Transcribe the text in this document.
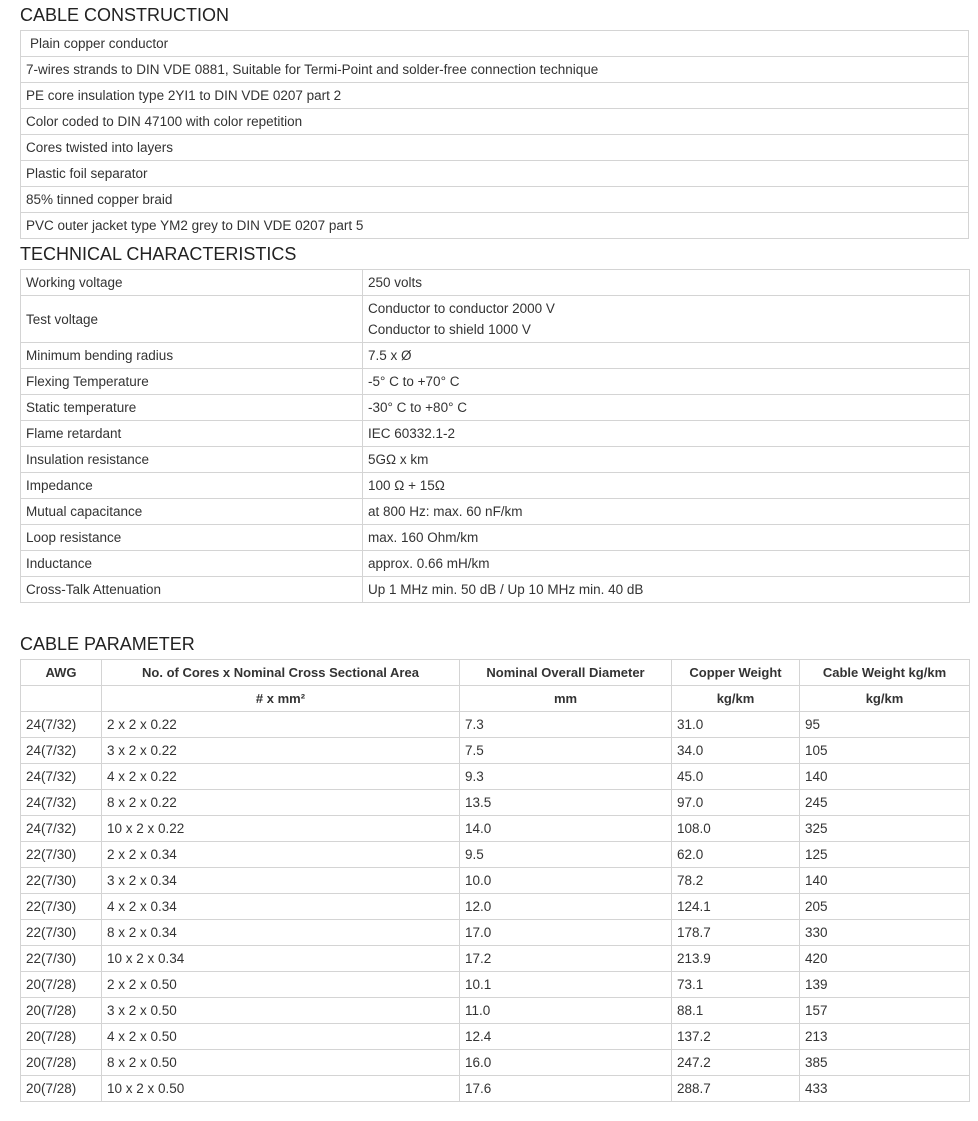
CABLE CONSTRUCTION
Plain copper conductor
7-wires strands to DIN VDE 0881, Suitable for Termi-Point and solder-free connection technique
PE core insulation type 2YI1 to DIN VDE 0207 part 2
Color coded to DIN 47100 with color repetition
Cores twisted into layers
Plastic foil separator
85% tinned copper braid
PVC outer jacket type YM2 grey to DIN VDE 0207 part 5
TECHNICAL CHARACTERISTICS
Working voltage	250 volts
Test voltage	Conductor to conductor 2000 V
Conductor to shield 1000 V

Minimum bending radius	7.5 x Ø
Flexing Temperature	-5° C to +70° C
Static temperature	-30° C to +80° C
Flame retardant	IEC 60332.1-2
Insulation resistance	5GΩ x km
Impedance	100 Ω + 15Ω
Mutual capacitance	at 800 Hz: max. 60 nF/km
Loop resistance	max. 160 Ohm/km
Inductance	approx. 0.66 mH/km
Cross-Talk Attenuation	Up 1 MHz min. 50 dB / Up 10 MHz min. 40 dB
CABLE PARAMETER
AWG	No. of Cores x Nominal Cross Sectional Area	Nominal Overall Diameter	Copper Weight	Cable Weight kg/km
	# x mm²	mm	kg/km	kg/km
24(7/32)	2 x 2 x 0.22	7.3	31.0	95
24(7/32)	3 x 2 x 0.22	7.5	34.0	105
24(7/32)	4 x 2 x 0.22	9.3	45.0	140
24(7/32)	8 x 2 x 0.22	13.5	97.0	245
24(7/32)	10 x 2 x 0.22	14.0	108.0	325
22(7/30)	2 x 2 x 0.34	9.5	62.0	125
22(7/30)	3 x 2 x 0.34	10.0	78.2	140
22(7/30)	4 x 2 x 0.34	12.0	124.1	205
22(7/30)	8 x 2 x 0.34	17.0	178.7	330
22(7/30)	10 x 2 x 0.34	17.2	213.9	420
20(7/28)	2 x 2 x 0.50	10.1	73.1	139
20(7/28)	3 x 2 x 0.50	11.0	88.1	157
20(7/28)	4 x 2 x 0.50	12.4	137.2	213
20(7/28)	8 x 2 x 0.50	16.0	247.2	385
20(7/28)	10 x 2 x 0.50	17.6	288.7	433
